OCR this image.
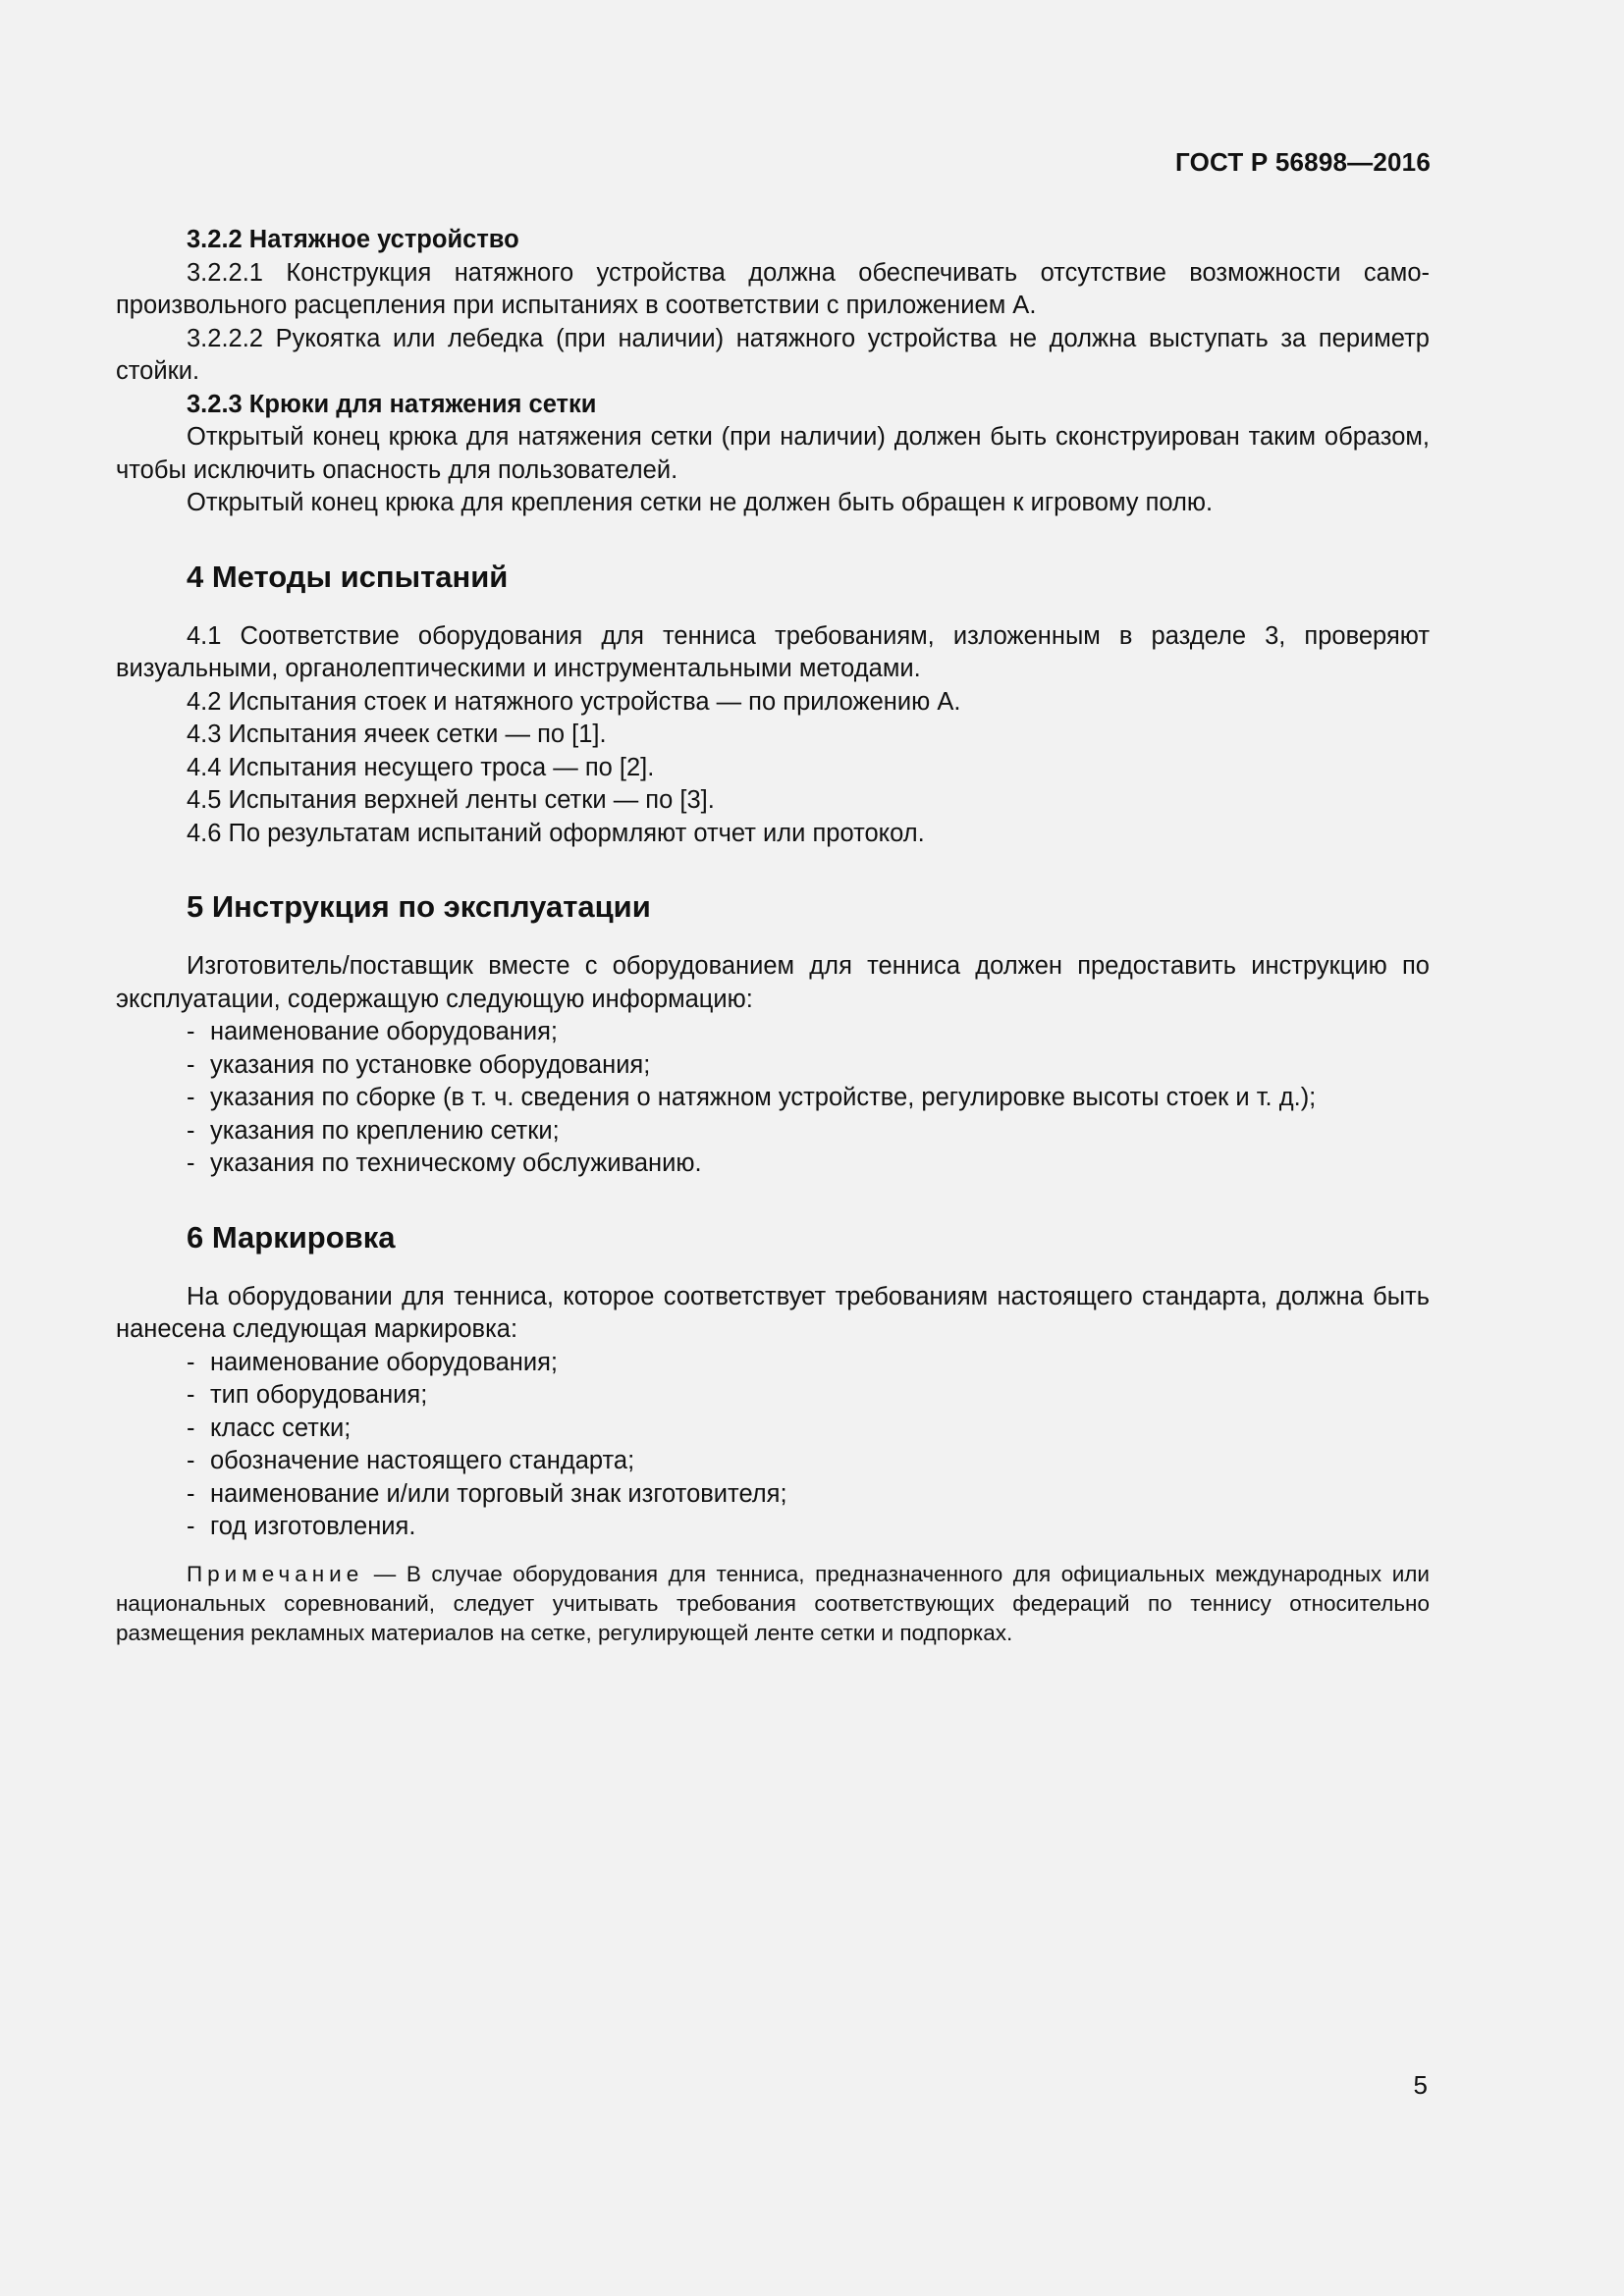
ГОСТ Р 56898—2016

3.2.2 Натяжное устройство

3.2.2.1 Конструкция натяжного устройства должна обеспечивать отсутствие возможности самопроизвольного расцепления при испытаниях в соответствии с приложением А.

3.2.2.2 Рукоятка или лебедка (при наличии) натяжного устройства не должна выступать за периметр стойки.

3.2.3 Крюки для натяжения сетки

Открытый конец крюка для натяжения сетки (при наличии) должен быть сконструирован таким образом, чтобы исключить опасность для пользователей.

Открытый конец крюка для крепления сетки не должен быть обращен к игровому полю.

4 Методы испытаний

4.1 Соответствие оборудования для тенниса требованиям, изложенным в разделе 3, проверяют визуальными, органолептическими и инструментальными методами.

4.2 Испытания стоек и натяжного устройства — по приложению А.

4.3 Испытания ячеек сетки — по [1].

4.4 Испытания несущего троса — по [2].

4.5 Испытания верхней ленты сетки — по [3].

4.6 По результатам испытаний оформляют отчет или протокол.

5 Инструкция по эксплуатации

Изготовитель/поставщик вместе с оборудованием для тенниса должен предоставить инструкцию по эксплуатации, содержащую следующую информацию:

- наименование оборудования;
- указания по установке оборудования;
- указания по сборке (в т. ч. сведения о натяжном устройстве, регулировке высоты стоек и т. д.);
- указания по креплению сетки;
- указания по техническому обслуживанию.
6 Маркировка

На оборудовании для тенниса, которое соответствует требованиям настоящего стандарта, должна быть нанесена следующая маркировка:

- наименование оборудования;
- тип оборудования;
- класс сетки;
- обозначение настоящего стандарта;
- наименование и/или торговый знак изготовителя;
- год изготовления.

Примечание — В случае оборудования для тенниса, предназначенного для официальных международных или национальных соревнований, следует учитывать требования соответствующих федераций по теннису относительно размещения рекламных материалов на сетке, регулирующей ленте сетки и подпорках.

5
